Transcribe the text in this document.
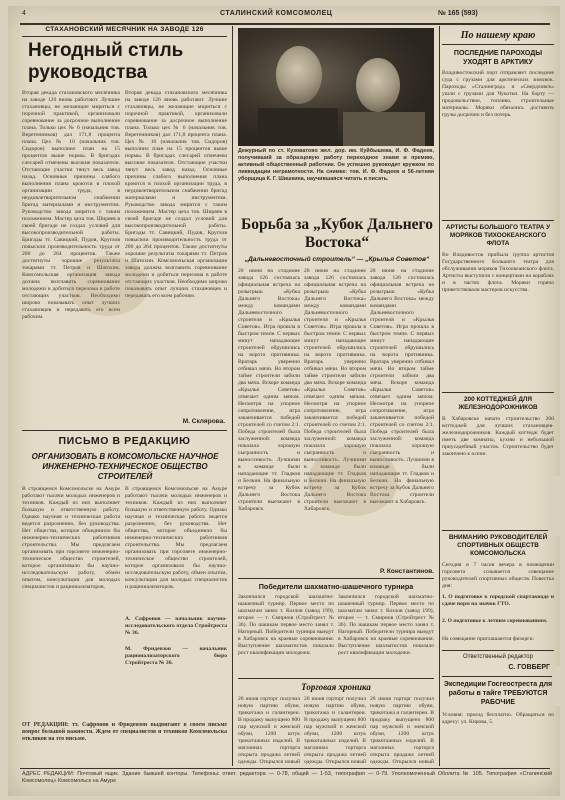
4	СТАЛИНСКИЙ КОМСОМОЛЕЦ	№ 165 (593)
СТАХАНОВСКИЙ МЕСЯЧНИК НА ЗАВОДЕ 126
Негодный стиль руководства
Вторая декада стахановского месячника на заводе 126 вновь работают. Лучшие стахановцы, не желающие мириться с порочной практикой, организовали соревнование за досрочное выполнение плана. Только цех № 6 (начальник тов. Веретенников) дал 171,8 процента плана. Цех № 10 (начальник тов. Сидоров) выполнил план на 15 процентов выше нормы. В бригадах слесарей отмечены высокие показатели. Отстающие участки тянут весь завод назад. Основные причины слабого выполнения плана кроются в плохой организации труда, в неудовлетворительном снабжении бригад материалами и инструментом. Руководство завода мирится с таким положением. Мастер цеха тов. Ширяев в своей бригаде не создал условий для высокопроизводительной работы. Бригады тт. Савицкий, Пудов, Круглов повысили производительность труда от 200 до 264 процентов. Также достигнуты хорошие результаты токарями тт. Петров и Шатохин. Комсомольская организация завода должна возглавить соревнование молодежи и добиться перелома в работе отстающих участков. Необходимо широко показывать опыт лучших стахановцев и передавать его всем рабочим.
Вторая декада стахановского месячника на заводе 126 вновь работают. Лучшие стахановцы, не желающие мириться с порочной практикой, организовали соревнование за досрочное выполнение плана. Только цех № 6 (начальник тов. Веретенников) дал 171,8 процента плана. Цех № 10 (начальник тов. Сидоров) выполнил план на 15 процентов выше нормы. В бригадах слесарей отмечены высокие показатели. Отстающие участки тянут весь завод назад. Основные причины слабого выполнения плана кроются в плохой организации труда, в неудовлетворительном снабжении бригад материалами и инструментом. Руководство завода мирится с таким положением. Мастер цеха тов. Ширяев в своей бригаде не создал условий для высокопроизводительной работы. Бригады тт. Савицкий, Пудов, Круглов повысили производительность труда от 200 до 264 процентов. Также достигнуты хорошие результаты токарями тт. Петров и Шатохин. Комсомольская организация завода должна возглавить соревнование молодежи и добиться перелома в работе отстающих участков. Необходимо широко показывать опыт лучших стахановцев и передавать его всем рабочим.
М. Склярова.
ПИСЬМО В РЕДАКЦИЮ
ОРГАНИЗОВАТЬ В КОМСОМОЛЬСКЕ НАУЧНОЕ ИНЖЕНЕРНО-ТЕХНИЧЕСКОЕ ОБЩЕСТВО СТРОИТЕЛЕЙ
В строящемся Комсомольске на Амуре работают тысячи молодых инженеров и техников. Каждый из них выполняет большую и ответственную работу. Однако научная и техническая работа ведется разрозненно, без руководства. Нет общества, которое объединило бы инженерно-технических работников строительства. Мы предлагаем организовать при горсовете инженерно-техническое общество строителей, которое организовало бы научно-исследовательскую работу, обмен опытом, консультации для молодых специалистов и рационализаторов.
В строящемся Комсомольске на Амуре работают тысячи молодых инженеров и техников. Каждый из них выполняет большую и ответственную работу. Однако научная и техническая работа ведется разрозненно, без руководства. Нет общества, которое объединило бы инженерно-технических работников строительства. Мы предлагаем организовать при горсовете инженерно-техническое общество строителей, которое организовало бы научно-исследовательскую работу, обмен опытом, консультации для молодых специалистов и рационализаторов.
А. Сафронов — начальник научно-исследовательского отдела Стройтреста № 36.
М. Фридензон — начальник рационализаторского бюро Стройтреста № 36.
ОТ РЕДАКЦИИ: тт. Сафронов и Фридензон выдвигают в своем письме вопрос большой важности. Ждем от специалистов и техников Комсомольска откликов на это письмо.
Дежурный по ст. Кузоватово жел. дор. им. Куйбышева, И. Ф. Фадеев, получивший за образцовую работу переходное знамя и премию, активный общественный работник. Он успешно руководит кружком по ликвидации неграмотности. На снимке: тов. И. Ф. Фадеев и 56-летняя уборщица К. Г. Шишкина, научившаяся читать и писать.
Борьба за „Кубок Дальнего Востока“
„Дальневосточный строитель“ — „Крылья Советов“
20 июня на стадионе завода 126 состоялась официальная встреча на розыгрыш «Кубка Дальнего Востока» между командами Дальневосточного строителя и «Крылья Советов». Игра прошла в быстром темпе. С первых минут нападающие строителей обрушились на ворота противника. Вратарь уверенно отбивал мячи. Во втором тайме строители забили два мяча. Вскоре команда «Крылья Советов» отвечает одним мячом. Несмотря на упорное сопротивление, игра заканчивается победой строителей со счетом 2:1. Победа строителей была заслуженной: команда показала хорошую сыгранность и выносливость. Лучшими в команде были нападающие тт. Гладков и Белкин. На финальную встречу за Кубок Дальнего Востока строители выезжают в Хабаровск.
20 июня на стадионе завода 126 состоялась официальная встреча на розыгрыш «Кубка Дальнего Востока» между командами Дальневосточного строителя и «Крылья Советов». Игра прошла в быстром темпе. С первых минут нападающие строителей обрушились на ворота противника. Вратарь уверенно отбивал мячи. Во втором тайме строители забили два мяча. Вскоре команда «Крылья Советов» отвечает одним мячом. Несмотря на упорное сопротивление, игра заканчивается победой строителей со счетом 2:1. Победа строителей была заслуженной: команда показала хорошую сыгранность и выносливость. Лучшими в команде были нападающие тт. Гладков и Белкин. На финальную встречу за Кубок Дальнего Востока строители выезжают в Хабаровск.
20 июня на стадионе завода 126 состоялась официальная встреча на розыгрыш «Кубка Дальнего Востока» между командами Дальневосточного строителя и «Крылья Советов». Игра прошла в быстром темпе. С первых минут нападающие строителей обрушились на ворота противника. Вратарь уверенно отбивал мячи. Во втором тайме строители забили два мяча. Вскоре команда «Крылья Советов» отвечает одним мячом. Несмотря на упорное сопротивление, игра заканчивается победой строителей со счетом 2:1. Победа строителей была заслуженной: команда показала хорошую сыгранность и выносливость. Лучшими в команде были нападающие тт. Гладков и Белкин. На финальную встречу за Кубок Дальнего Востока строители выезжают в Хабаровск.
Р. Константинов.
Победители шахматно-шашечного турнира
Закончился городской шахматно-шашечный турнир. Первое место по шахматам занял т. Козлов (завод 199), второе — т. Смирнов (Стройтрест № 36). По шашкам первое место занял т. Нагорный. Победители турнира выедут в Хабаровск на краевые соревнования. Выступление шахматистов показало рост квалификации молодежи.
Закончился городской шахматно-шашечный турнир. Первое место по шахматам занял т. Козлов (завод 199), второе — т. Смирнов (Стройтрест № 36). По шашкам первое место занял т. Нагорный. Победители турнира выедут в Хабаровск на краевые соревнования. Выступление шахматистов показало рост квалификации молодежи.
Торговая хроника
20 июня горторг получил новую партию обуви, трикотажа и галантереи. В продажу выпущено 800 пар мужской и женской обуви, 1200 штук трикотажных изделий. В магазинах горторга открыта продажа летней одежды. Открылся новый
20 июня горторг получил новую партию обуви, трикотажа и галантереи. В продажу выпущено 800 пар мужской и женской обуви, 1200 штук трикотажных изделий. В магазинах горторга открыта продажа летней одежды. Открылся новый
20 июня горторг получил новую партию обуви, трикотажа и галантереи. В продажу выпущено 800 пар мужской и женской обуви, 1200 штук трикотажных изделий. В магазинах горторга открыта продажа летней одежды. Открылся новый
По нашему краю
ПОСЛЕДНИЕ ПАРОХОДЫ УХОДЯТ В АРКТИКУ
Владивостокский порт отправляет последние суда с грузами для арктических зимовок. Пароходы «Сталинград» и «Свердловск» ушли с грузами для Чукотки. На борту — продовольствие, топливо, строительные материалы. Моряки обязались доставить грузы досрочно и без потерь.
АРТИСТЫ БОЛЬШОГО ТЕАТРА У МОРЯКОВ ТИХООКЕАНСКОГО ФЛОТА
Во Владивосток прибыла группа артистов Государственного Большого театра для обслуживания моряков Тихоокеанского флота. Артисты выступили с концертами на кораблях и в частях флота. Моряки горячо приветствовали мастеров искусства.
200 КОТТЕДЖЕЙ ДЛЯ ЖЕЛЕЗНОДОРОЖНИКОВ
В Хабаровске начато строительство 200 коттеджей для лучших стахановцев-железнодорожников. Каждый коттедж будет иметь две комнаты, кухню и небольшой приусадебный участок. Строительство будет закончено к осени.
ВНИМАНИЮ РУКОВОДИТЕЛЕЙ СПОРТИВНЫХ ОБЩЕСТВ КОМСОМОЛЬСКА
Сегодня в 7 часов вечера в помещении горсовета созывается совещание руководителей спортивных обществ. Повестка дня:
1. О подготовке к городской спартакиаде и сдаче норм на значок ГТО.
2. О подготовке к летним соревнованиям.
На совещание приглашаются физорги.
Ответственный редактор
С. ГОВБЕРГ
Экспедиции Госгеостреста для работы в тайге ТРЕБУЮТСЯ РАБОЧИЕ
Условия: проезд бесплатно. Обращаться по адресу: ул. Кирова, 5.
АДРЕС РЕДАКЦИИ: Почтовый ящик. Здание бывшей конторы. Телефоны: ответ. редактора — 0-78, общий — 1-53, типография — 0-79. Уполномоченный Обллита № 105. Типография «Сталинский Комсомолец» Комсомольск на Амуре
